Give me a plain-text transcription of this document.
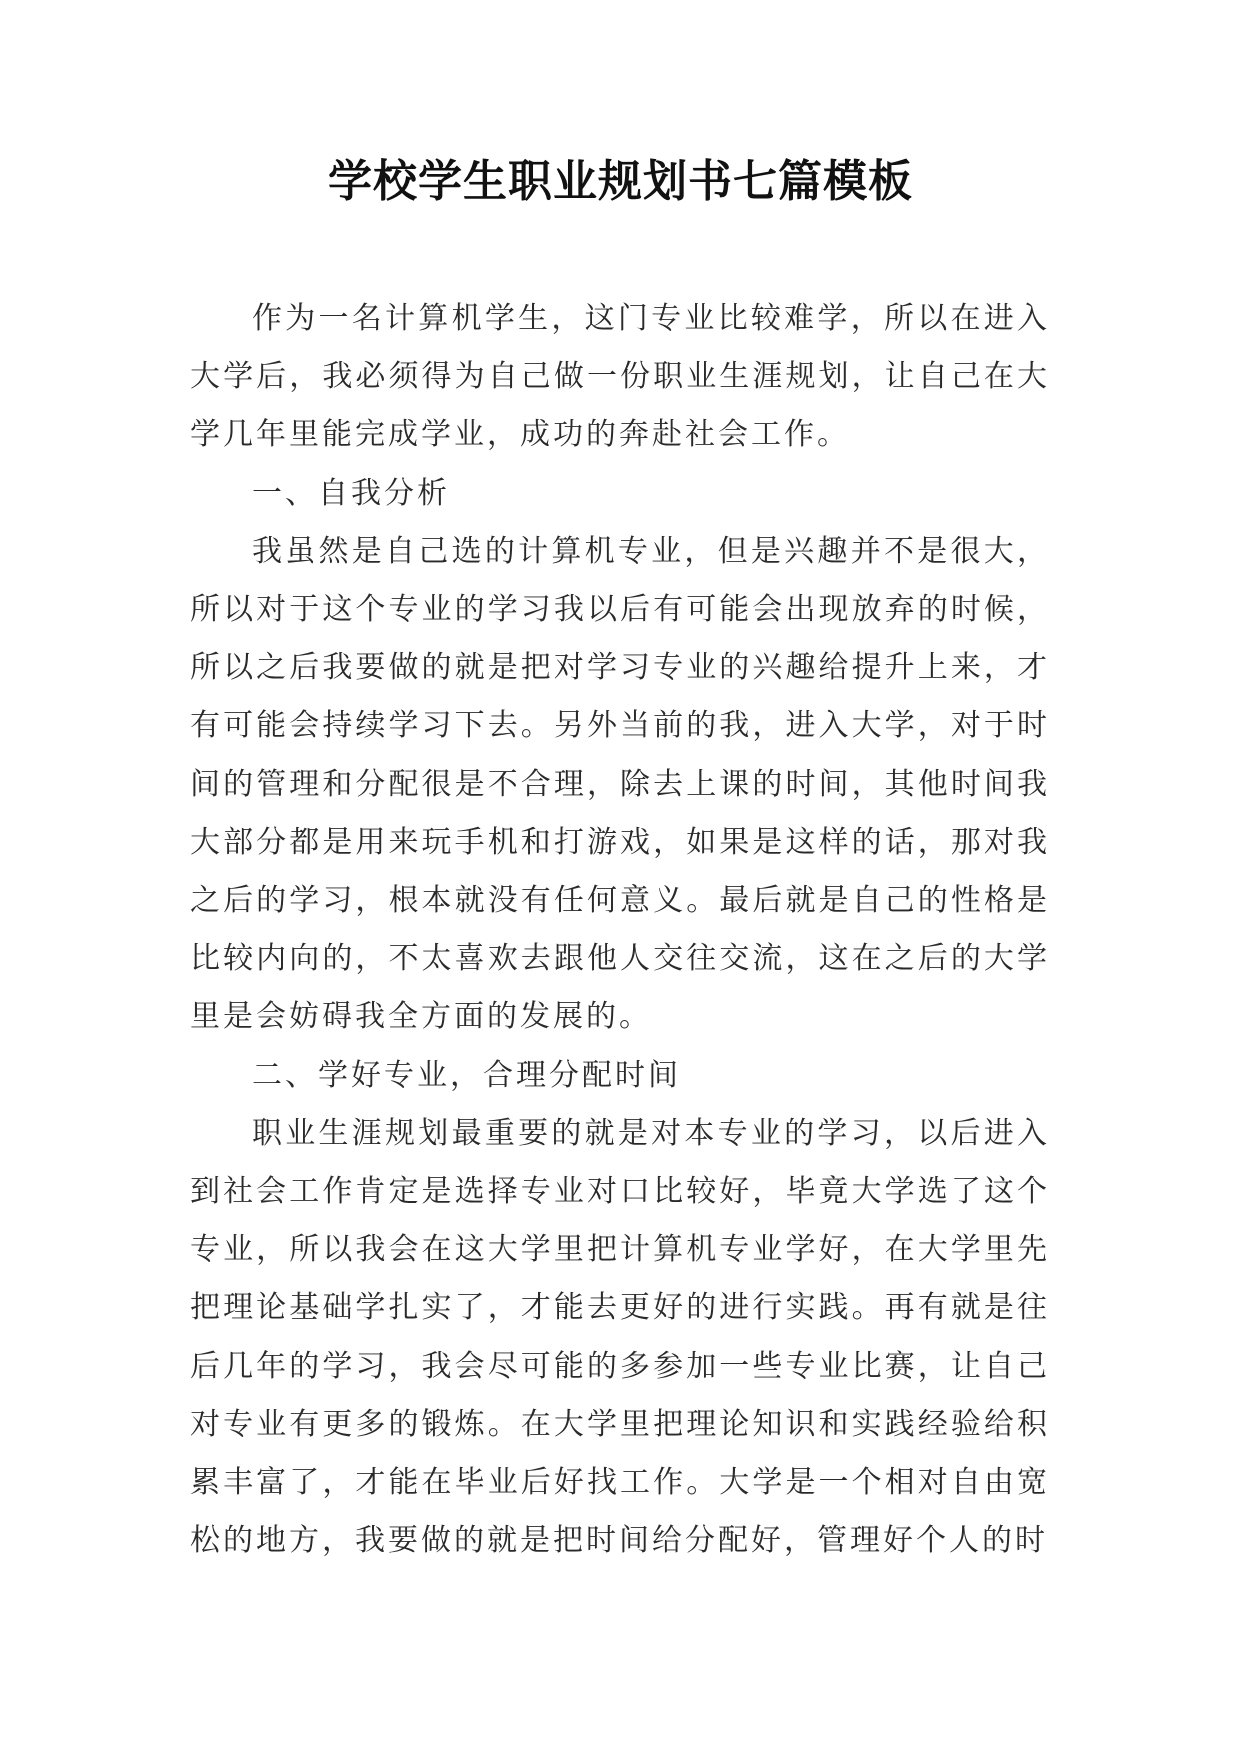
学校学生职业规划书七篇模板

作为一名计算机学生，这门专业比较难学，所以在进入大学后，我必须得为自己做一份职业生涯规划，让自己在大学几年里能完成学业，成功的奔赴社会工作。

一、自我分析

我虽然是自己选的计算机专业，但是兴趣并不是很大，所以对于这个专业的学习我以后有可能会出现放弃的时候，所以之后我要做的就是把对学习专业的兴趣给提升上来，才有可能会持续学习下去。另外当前的我，进入大学，对于时间的管理和分配很是不合理，除去上课的时间，其他时间我大部分都是用来玩手机和打游戏，如果是这样的话，那对我之后的学习，根本就没有任何意义。最后就是自己的性格是比较内向的，不太喜欢去跟他人交往交流，这在之后的大学里是会妨碍我全方面的发展的。

二、学好专业，合理分配时间

职业生涯规划最重要的就是对本专业的学习，以后进入到社会工作肯定是选择专业对口比较好，毕竟大学选了这个专业，所以我会在这大学里把计算机专业学好，在大学里先把理论基础学扎实了，才能去更好的进行实践。再有就是往后几年的学习，我会尽可能的多参加一些专业比赛，让自己对专业有更多的锻炼。在大学里把理论知识和实践经验给积累丰富了，才能在毕业后好找工作。大学是一个相对自由宽松的地方，我要做的就是把时间给分配好，管理好个人的时
